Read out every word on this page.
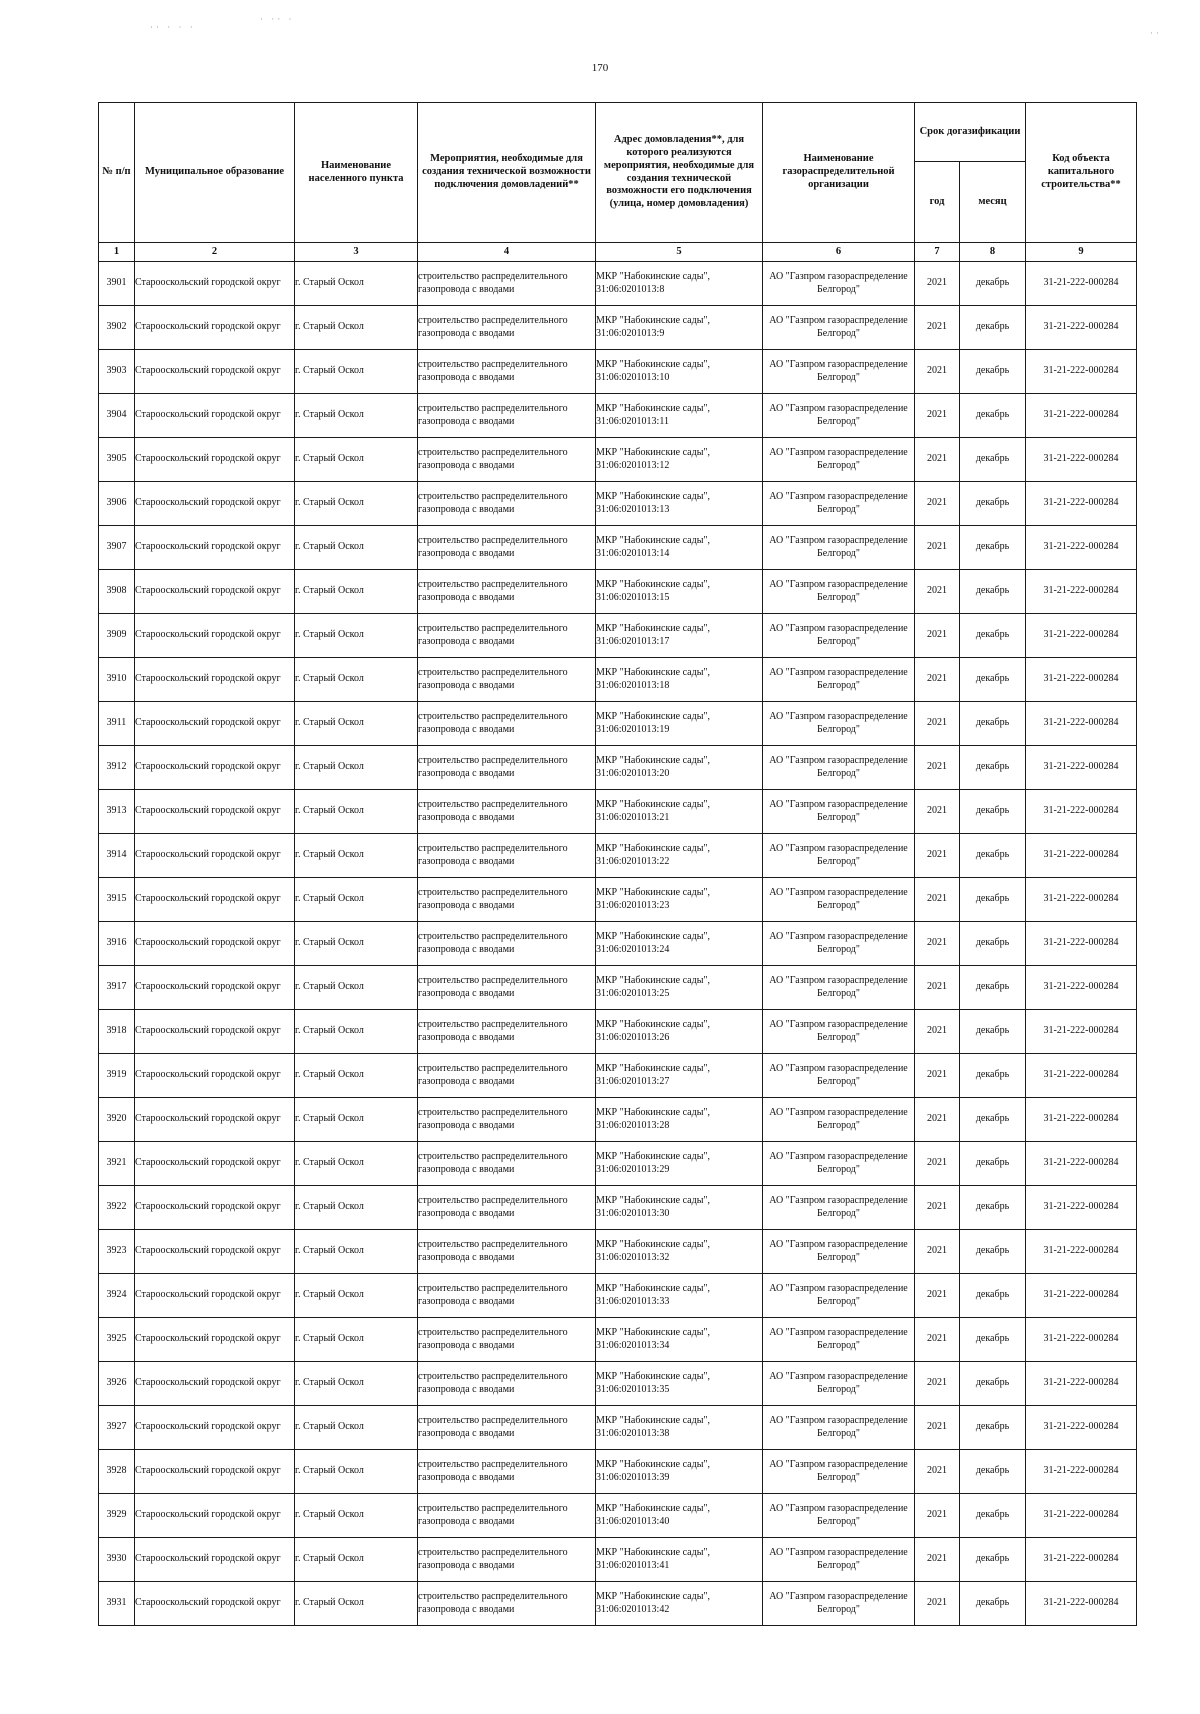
·· · · ·
· ·· ·
··
170
№ п/п	Муниципальное образование	Наименование населенного пункта	Мероприятия, необходимые для создания технической возможности подключения домовладений**	Адрес домовладения**, для которого реализуются мероприятия, необходимые для создания технической возможности его подключения (улица, номер домовладения)	Наименование газораспределительной организации	Срок догазификации		Код объекта капитального строительства**
						год	месяц	
1	2	3	4	5	6	7	8	9
3901	Старооскольский городской округ	г. Старый Оскол	строительство распределительного газопровода с вводами	МКР "Набокинские сады", 31:06:0201013:8	АО "Газпром газораспределение Белгород"	2021	декабрь	31-21-222-000284
3902	Старооскольский городской округ	г. Старый Оскол	строительство распределительного газопровода с вводами	МКР "Набокинские сады", 31:06:0201013:9	АО "Газпром газораспределение Белгород"	2021	декабрь	31-21-222-000284
3903	Старооскольский городской округ	г. Старый Оскол	строительство распределительного газопровода с вводами	МКР "Набокинские сады", 31:06:0201013:10	АО "Газпром газораспределение Белгород"	2021	декабрь	31-21-222-000284
3904	Старооскольский городской округ	г. Старый Оскол	строительство распределительного газопровода с вводами	МКР "Набокинские сады", 31:06:0201013:11	АО "Газпром газораспределение Белгород"	2021	декабрь	31-21-222-000284
3905	Старооскольский городской округ	г. Старый Оскол	строительство распределительного газопровода с вводами	МКР "Набокинские сады", 31:06:0201013:12	АО "Газпром газораспределение Белгород"	2021	декабрь	31-21-222-000284
3906	Старооскольский городской округ	г. Старый Оскол	строительство распределительного газопровода с вводами	МКР "Набокинские сады", 31:06:0201013:13	АО "Газпром газораспределение Белгород"	2021	декабрь	31-21-222-000284
3907	Старооскольский городской округ	г. Старый Оскол	строительство распределительного газопровода с вводами	МКР "Набокинские сады", 31:06:0201013:14	АО "Газпром газораспределение Белгород"	2021	декабрь	31-21-222-000284
3908	Старооскольский городской округ	г. Старый Оскол	строительство распределительного газопровода с вводами	МКР "Набокинские сады", 31:06:0201013:15	АО "Газпром газораспределение Белгород"	2021	декабрь	31-21-222-000284
3909	Старооскольский городской округ	г. Старый Оскол	строительство распределительного газопровода с вводами	МКР "Набокинские сады", 31:06:0201013:17	АО "Газпром газораспределение Белгород"	2021	декабрь	31-21-222-000284
3910	Старооскольский городской округ	г. Старый Оскол	строительство распределительного газопровода с вводами	МКР "Набокинские сады", 31:06:0201013:18	АО "Газпром газораспределение Белгород"	2021	декабрь	31-21-222-000284
3911	Старооскольский городской округ	г. Старый Оскол	строительство распределительного газопровода с вводами	МКР "Набокинские сады", 31:06:0201013:19	АО "Газпром газораспределение Белгород"	2021	декабрь	31-21-222-000284
3912	Старооскольский городской округ	г. Старый Оскол	строительство распределительного газопровода с вводами	МКР "Набокинские сады", 31:06:0201013:20	АО "Газпром газораспределение Белгород"	2021	декабрь	31-21-222-000284
3913	Старооскольский городской округ	г. Старый Оскол	строительство распределительного газопровода с вводами	МКР "Набокинские сады", 31:06:0201013:21	АО "Газпром газораспределение Белгород"	2021	декабрь	31-21-222-000284
3914	Старооскольский городской округ	г. Старый Оскол	строительство распределительного газопровода с вводами	МКР "Набокинские сады", 31:06:0201013:22	АО "Газпром газораспределение Белгород"	2021	декабрь	31-21-222-000284
3915	Старооскольский городской округ	г. Старый Оскол	строительство распределительного газопровода с вводами	МКР "Набокинские сады", 31:06:0201013:23	АО "Газпром газораспределение Белгород"	2021	декабрь	31-21-222-000284
3916	Старооскольский городской округ	г. Старый Оскол	строительство распределительного газопровода с вводами	МКР "Набокинские сады", 31:06:0201013:24	АО "Газпром газораспределение Белгород"	2021	декабрь	31-21-222-000284
3917	Старооскольский городской округ	г. Старый Оскол	строительство распределительного газопровода с вводами	МКР "Набокинские сады", 31:06:0201013:25	АО "Газпром газораспределение Белгород"	2021	декабрь	31-21-222-000284
3918	Старооскольский городской округ	г. Старый Оскол	строительство распределительного газопровода с вводами	МКР "Набокинские сады", 31:06:0201013:26	АО "Газпром газораспределение Белгород"	2021	декабрь	31-21-222-000284
3919	Старооскольский городской округ	г. Старый Оскол	строительство распределительного газопровода с вводами	МКР "Набокинские сады", 31:06:0201013:27	АО "Газпром газораспределение Белгород"	2021	декабрь	31-21-222-000284
3920	Старооскольский городской округ	г. Старый Оскол	строительство распределительного газопровода с вводами	МКР "Набокинские сады", 31:06:0201013:28	АО "Газпром газораспределение Белгород"	2021	декабрь	31-21-222-000284
3921	Старооскольский городской округ	г. Старый Оскол	строительство распределительного газопровода с вводами	МКР "Набокинские сады", 31:06:0201013:29	АО "Газпром газораспределение Белгород"	2021	декабрь	31-21-222-000284
3922	Старооскольский городской округ	г. Старый Оскол	строительство распределительного газопровода с вводами	МКР "Набокинские сады", 31:06:0201013:30	АО "Газпром газораспределение Белгород"	2021	декабрь	31-21-222-000284
3923	Старооскольский городской округ	г. Старый Оскол	строительство распределительного газопровода с вводами	МКР "Набокинские сады", 31:06:0201013:32	АО "Газпром газораспределение Белгород"	2021	декабрь	31-21-222-000284
3924	Старооскольский городской округ	г. Старый Оскол	строительство распределительного газопровода с вводами	МКР "Набокинские сады", 31:06:0201013:33	АО "Газпром газораспределение Белгород"	2021	декабрь	31-21-222-000284
3925	Старооскольский городской округ	г. Старый Оскол	строительство распределительного газопровода с вводами	МКР "Набокинские сады", 31:06:0201013:34	АО "Газпром газораспределение Белгород"	2021	декабрь	31-21-222-000284
3926	Старооскольский городской округ	г. Старый Оскол	строительство распределительного газопровода с вводами	МКР "Набокинские сады", 31:06:0201013:35	АО "Газпром газораспределение Белгород"	2021	декабрь	31-21-222-000284
3927	Старооскольский городской округ	г. Старый Оскол	строительство распределительного газопровода с вводами	МКР "Набокинские сады", 31:06:0201013:38	АО "Газпром газораспределение Белгород"	2021	декабрь	31-21-222-000284
3928	Старооскольский городской округ	г. Старый Оскол	строительство распределительного газопровода с вводами	МКР "Набокинские сады", 31:06:0201013:39	АО "Газпром газораспределение Белгород"	2021	декабрь	31-21-222-000284
3929	Старооскольский городской округ	г. Старый Оскол	строительство распределительного газопровода с вводами	МКР "Набокинские сады", 31:06:0201013:40	АО "Газпром газораспределение Белгород"	2021	декабрь	31-21-222-000284
3930	Старооскольский городской округ	г. Старый Оскол	строительство распределительного газопровода с вводами	МКР "Набокинские сады", 31:06:0201013:41	АО "Газпром газораспределение Белгород"	2021	декабрь	31-21-222-000284
3931	Старооскольский городской округ	г. Старый Оскол	строительство распределительного газопровода с вводами	МКР "Набокинские сады", 31:06:0201013:42	АО "Газпром газораспределение Белгород"	2021	декабрь	31-21-222-000284
